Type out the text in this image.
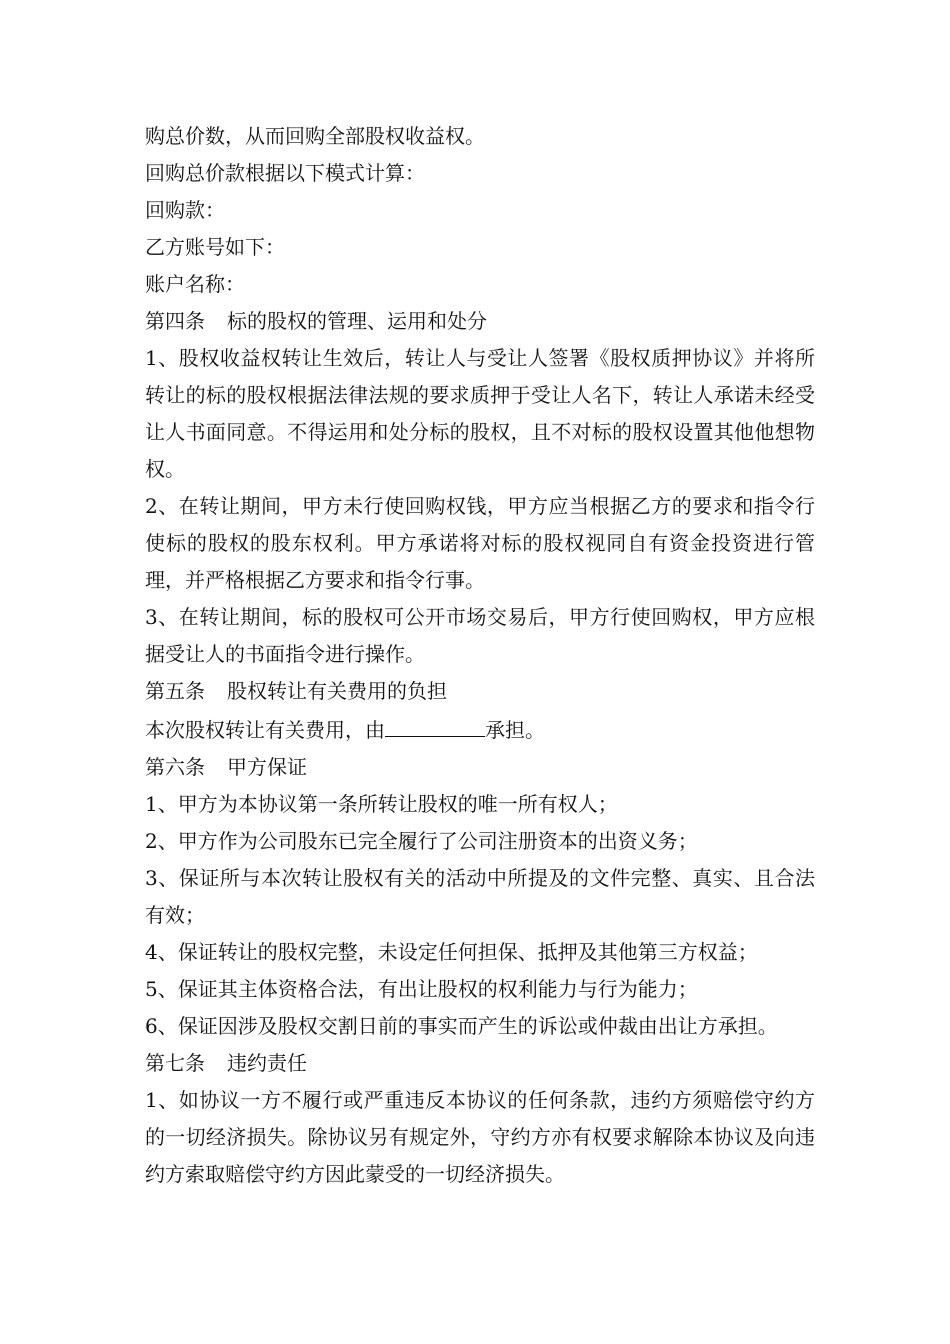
购总价数，从而回购全部股权收益权。

回购总价款根据以下模式计算：

回购款：

乙方账号如下：

账户名称：

第四条 标的股权的管理、运用和处分

1、股权收益权转让生效后，转让人与受让人签署《股权质押协议》并将所转让的标的股权根据法律法规的要求质押于受让人名下，转让人承诺未经受让人书面同意。不得运用和处分标的股权，且不对标的股权设置其他他想物权。

2、在转让期间，甲方未行使回购权钱，甲方应当根据乙方的要求和指令行使标的股权的股东权利。甲方承诺将对标的股权视同自有资金投资进行管理，并严格根据乙方要求和指令行事。

3、在转让期间，标的股权可公开市场交易后，甲方行使回购权，甲方应根据受让人的书面指令进行操作。

第五条 股权转让有关费用的负担

本次股权转让有关费用，由	承担。

第六条 甲方保证

1、甲方为本协议第一条所转让股权的唯一所有权人；

2、甲方作为公司股东已完全履行了公司注册资本的出资义务；

3、保证所与本次转让股权有关的活动中所提及的文件完整、真实、且合法有效；

4、保证转让的股权完整，未设定任何担保、抵押及其他第三方权益；

5、保证其主体资格合法，有出让股权的权利能力与行为能力；

6、保证因涉及股权交割日前的事实而产生的诉讼或仲裁由出让方承担。

第七条 违约责任

1、如协议一方不履行或严重违反本协议的任何条款，违约方须赔偿守约方的一切经济损失。除协议另有规定外，守约方亦有权要求解除本协议及向违约方索取赔偿守约方因此蒙受的一切经济损失。
